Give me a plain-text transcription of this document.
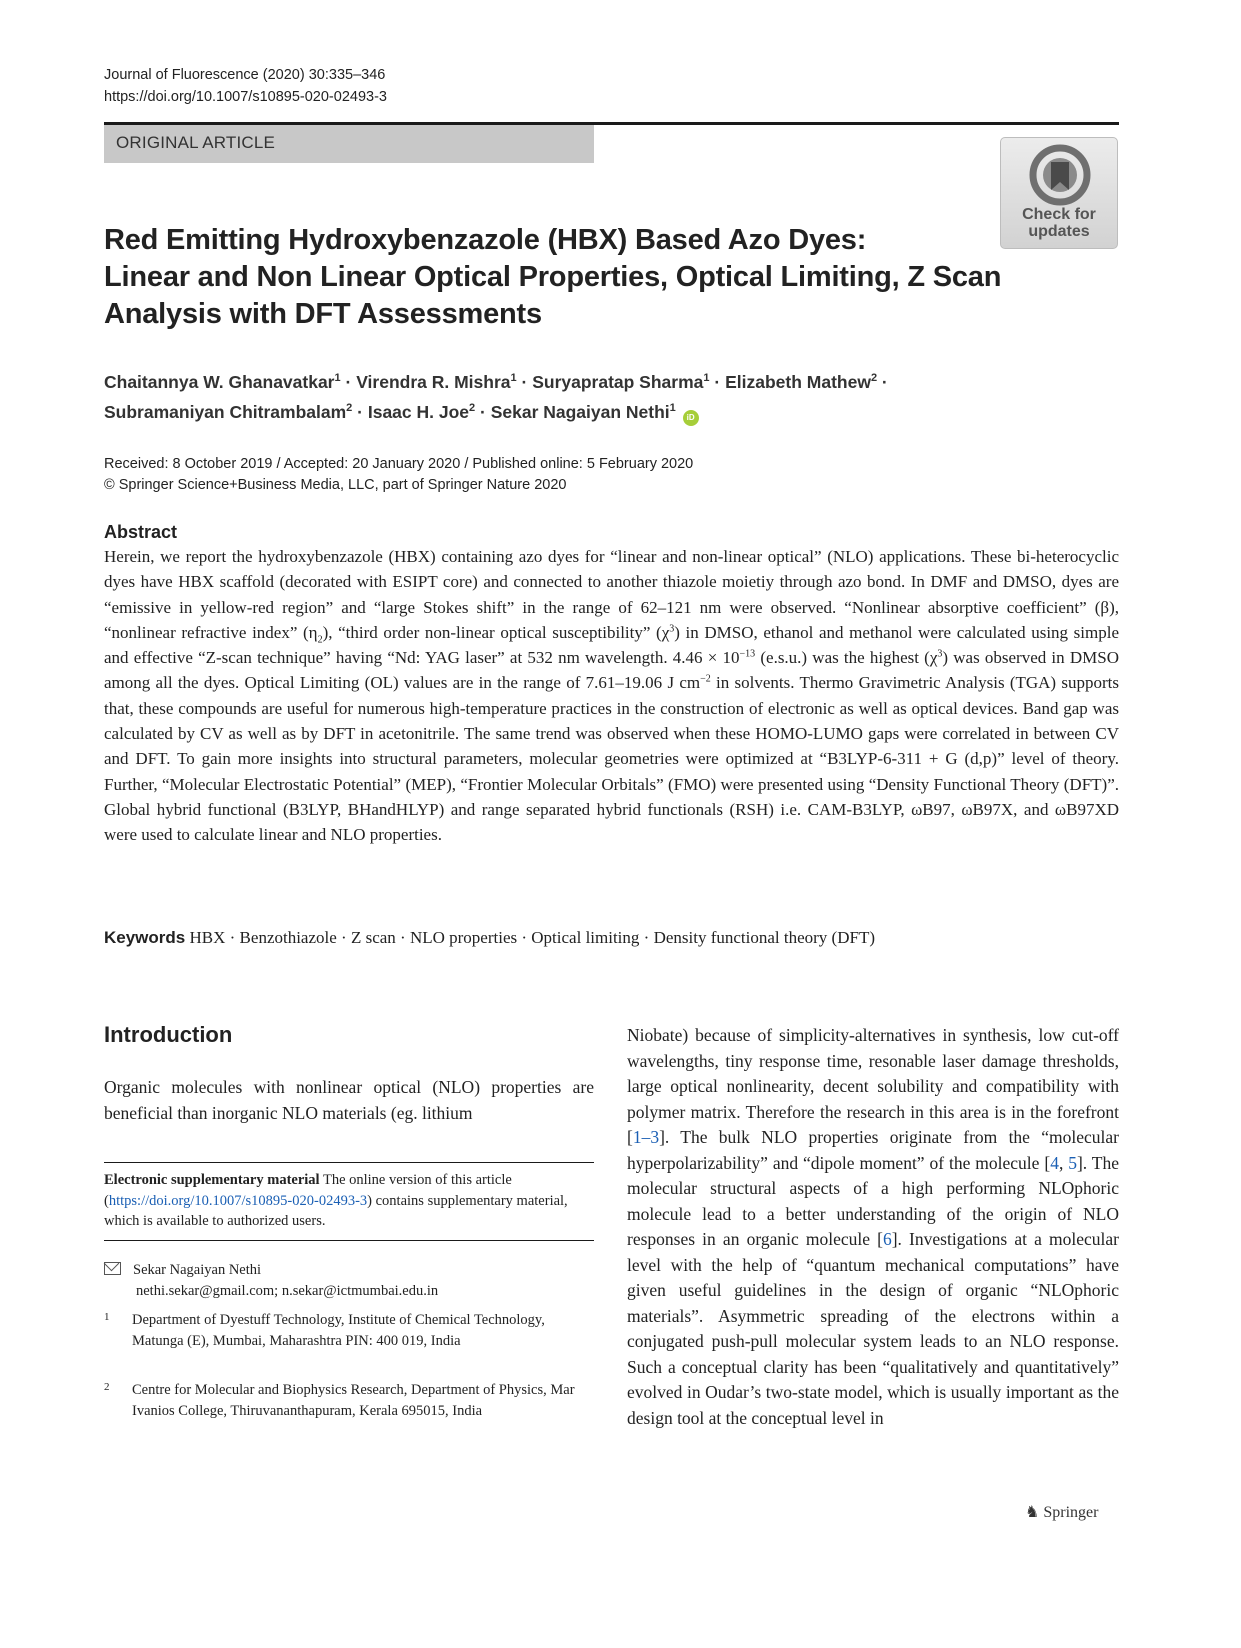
Journal of Fluorescence (2020) 30:335–346
https://doi.org/10.1007/s10895-020-02493-3
ORIGINAL ARTICLE
Check for
updates
Red Emitting Hydroxybenzazole (HBX) Based Azo Dyes:
Linear and Non Linear Optical Properties, Optical Limiting, Z Scan
Analysis with DFT Assessments
Chaitannya W. Ghanavatkar$^1$ · Virendra R. Mishra$^1$ · Suryapratap Sharma$^1$ · Elizabeth Mathew$^2$ ·
Subramaniyan Chitrambalam$^2$ · Isaac H. Joe$^2$ · Sekar Nagaiyan Nethi$^1$ iD
Received: 8 October 2019 / Accepted: 20 January 2020 / Published online: 5 February 2020
© Springer Science+Business Media, LLC, part of Springer Nature 2020
Abstract
Herein, we report the hydroxybenzazole (HBX) containing azo dyes for “linear and non-linear optical” (NLO) applications. These bi-heterocyclic dyes have HBX scaffold (decorated with ESIPT core) and connected to another thiazole moietiy through azo bond. In DMF and DMSO, dyes are “emissive in yellow-red region” and “large Stokes shift” in the range of 62–121 nm were observed. “Nonlinear absorptive coefficient” (β), “nonlinear refractive index” $(\eta_2)$, “third order non-linear optical susceptibility” $(\chi^3)$ in DMSO, ethanol and methanol were calculated using simple and effective “Z-scan technique” having “Nd: YAG laser” at 532 nm wavelength. $4.46 \times 10^{-13}$ (e.s.u.) was the highest $(\chi^3)$ was observed in DMSO among all the dyes. Optical Limiting (OL) values are in the range of 7.61–19.06 J $cm^{-2}$ in solvents. Thermo Gravimetric Analysis (TGA) supports that, these compounds are useful for numerous high-temperature practices in the construction of electronic as well as optical devices. Band gap was calculated by CV as well as by DFT in acetonitrile. The same trend was observed when these HOMO-LUMO gaps were correlated in between CV and DFT. To gain more insights into structural parameters, molecular geometries were optimized at “B3LYP-6-311 + G (d,p)” level of theory. Further, “Molecular Electrostatic Potential” (MEP), “Frontier Molecular Orbitals” (FMO) were presented using “Density Functional Theory (DFT)”. Global hybrid functional (B3LYP, BHandHLYP) and range separated hybrid functionals (RSH) i.e. CAM-B3LYP, ωB97, ωB97X, and ωB97XD were used to calculate linear and NLO properties.
Keywords HBX · Benzothiazole · Z scan · NLO properties · Optical limiting · Density functional theory (DFT)
Introduction
Organic molecules with nonlinear optical (NLO) properties are beneficial than inorganic NLO materials (eg. lithium
Electronic supplementary material The online version of this article (https://doi.org/10.1007/s10895-020-02493-3) contains supplementary material, which is available to authorized users.
Sekar Nagaiyan Nethi
nethi.sekar@gmail.com; n.sekar@ictmumbai.edu.in
1	Department of Dyestuff Technology, Institute of Chemical Technology, Matunga (E), Mumbai, Maharashtra PIN: 400 019, India
2	Centre for Molecular and Biophysics Research, Department of Physics, Mar Ivanios College, Thiruvananthapuram, Kerala 695015, India
Niobate) because of simplicity-alternatives in synthesis, low cut-off wavelengths, tiny response time, resonable laser damage thresholds, large optical nonlinearity, decent solubility and compatibility with polymer matrix. Therefore the research in this area is in the forefront [1–3]. The bulk NLO properties originate from the “molecular hyperpolarizability” and “dipole moment” of the molecule [4, 5]. The molecular structural aspects of a high performing NLOphoric molecule lead to a better understanding of the origin of NLO responses in an organic molecule [6]. Investigations at a molecular level with the help of “quantum mechanical computations” have given useful guidelines in the design of organic “NLOphoric materials”. Asymmetric spreading of the electrons within a conjugated push-pull molecular system leads to an NLO response. Such a conceptual clarity has been “qualitatively and quantitatively” evolved in Oudar’s two-state model, which is usually important as the design tool at the conceptual level in
♞ Springer
